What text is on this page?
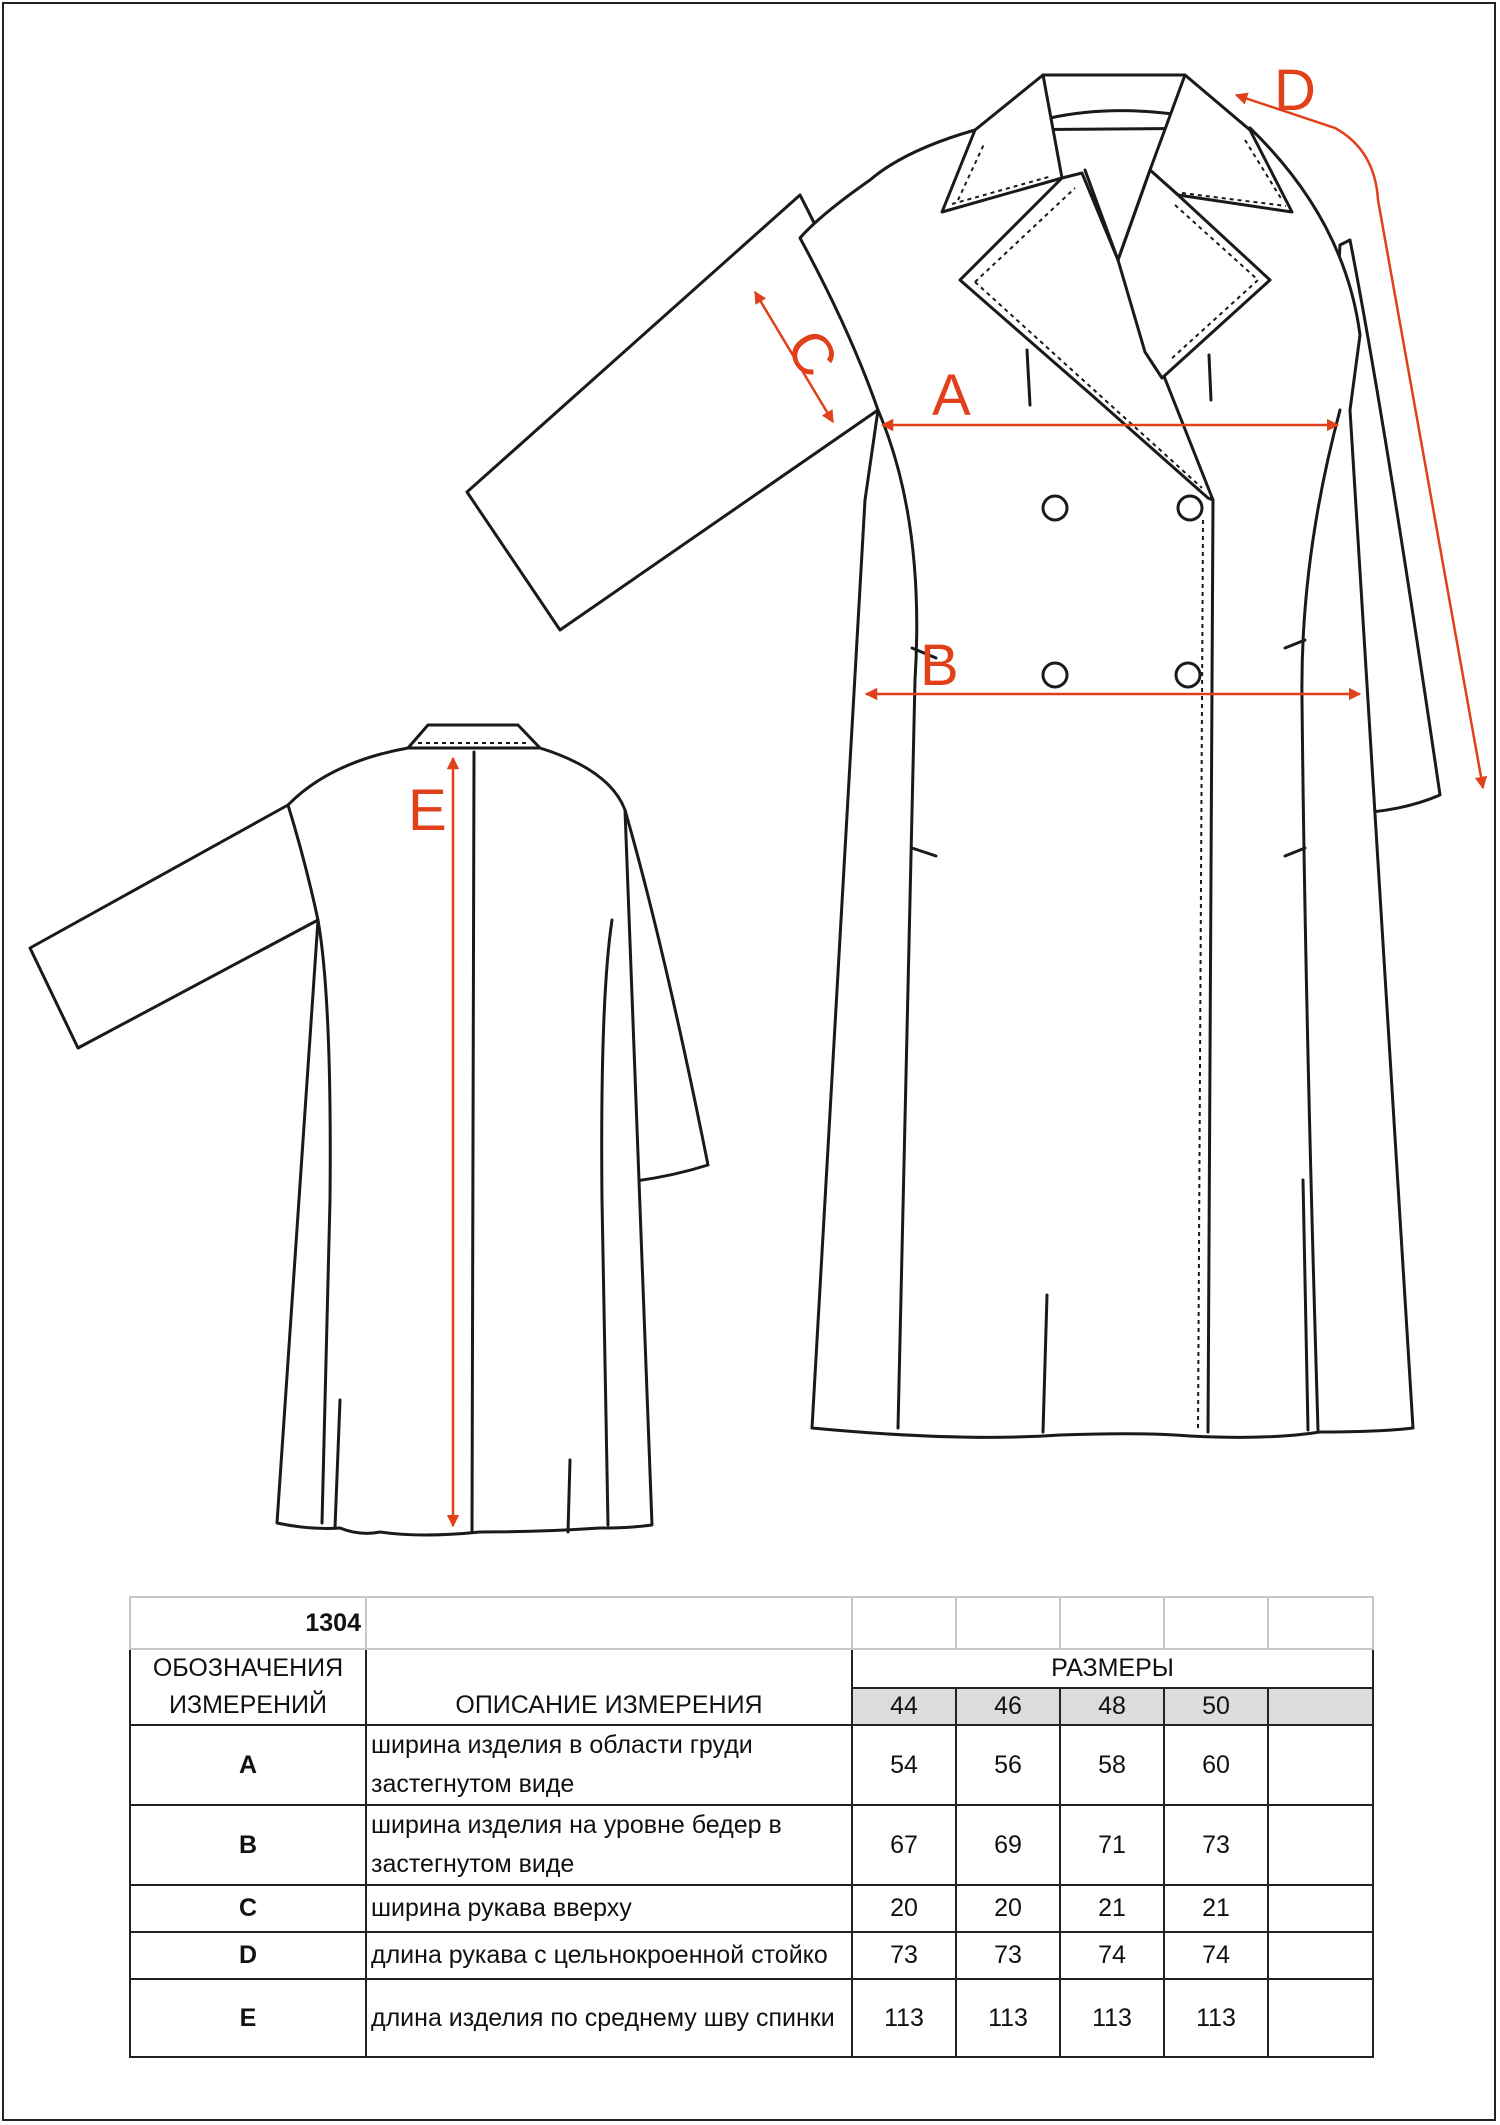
A
B
C
D
E
1304						
ОБОЗНАЧЕНИЯ
ИЗМЕРЕНИЙ	ОПИСАНИЕ ИЗМЕРЕНИЯ	РАЗМЕРЫ				
		44	46	48	50	
A	ширина изделия в области груди застегнутом виде	54	56	58	60	
B	ширина изделия на уровне бедер в застегнутом виде	67	69	71	73	
C	ширина рукава вверху	20	20	21	21	
D	длина рукава с цельнокроенной стойко	73	73	74	74	
E	длина изделия по среднему шву спинки	113	113	113	113	
